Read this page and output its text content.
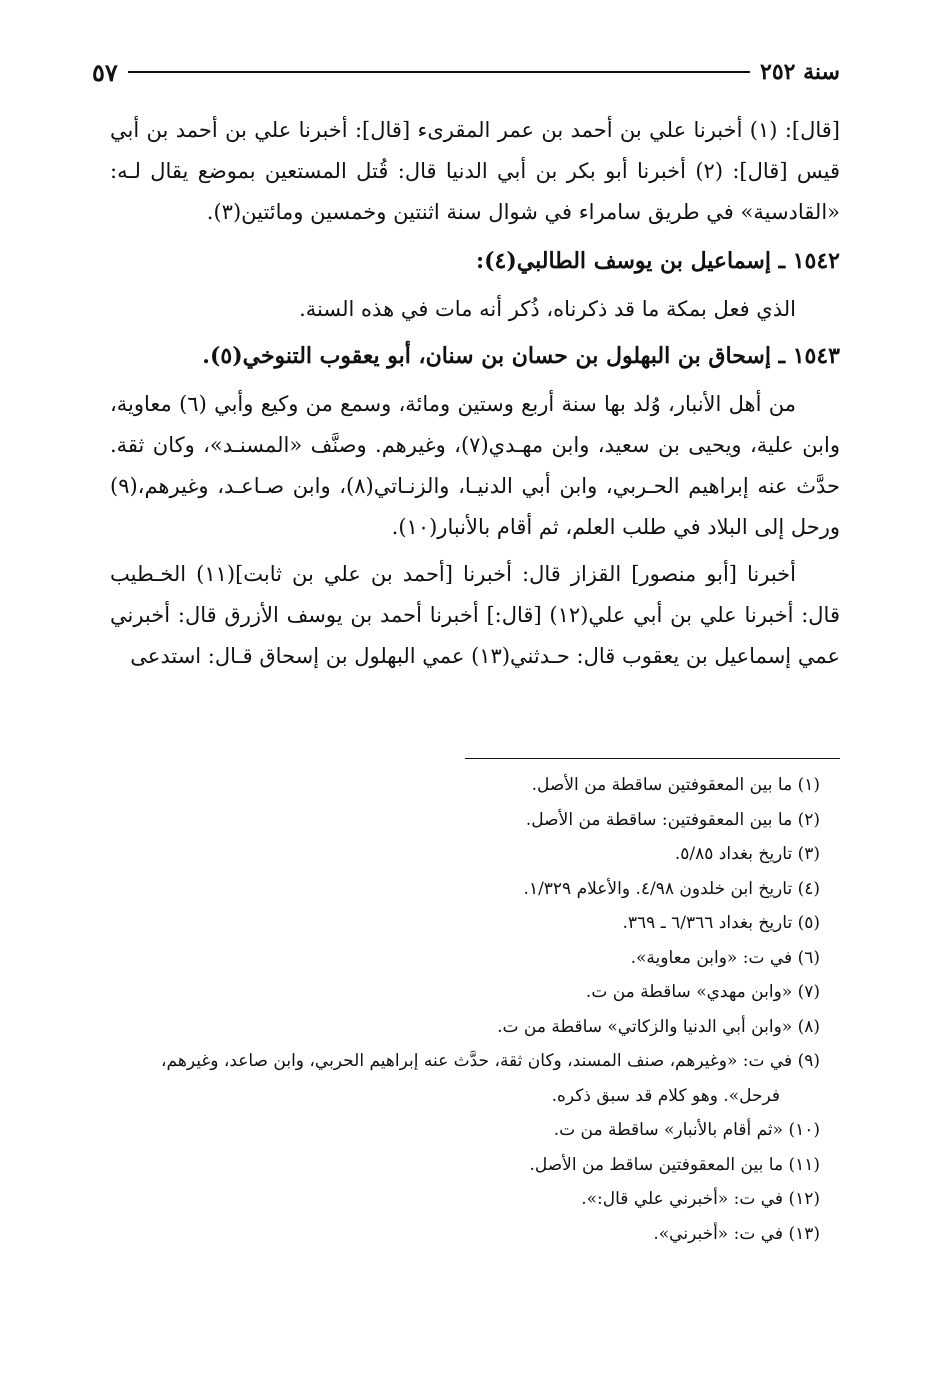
سنة ٢٥٢
٥٧

[قال]: (١) أخبرنا علي بن أحمد بن عمر المقرىء [قال]: أخبرنا علي بن أحمد بن أبي قيس [قال]: (٢) أخبرنا أبو بكر بن أبي الدنيا قال: قُتل المستعين بموضع يقال لـه: «القادسية» في طريق سامراء في شوال سنة اثنتين وخمسين ومائتين(٣).

١٥٤٢ ـ إسماعيل بن يوسف الطالبي(٤):

الذي فعل بمكة ما قد ذكرناه، ذُكر أنه مات في هذه السنة.

١٥٤٣ ـ إسحاق بن البهلول بن حسان بن سنان، أبو يعقوب التنوخي(٥).

من أهل الأنبار، وُلد بها سنة أربع وستين ومائة، وسمع من وكيع وأبي (٦) معاوية، وابن علية، ويحيى بن سعيد، وابن مهـدي(٧)، وغيرهم. وصنَّف «المسنـد»، وكان ثقة. حدَّث عنه إبراهيم الحـربي، وابن أبي الدنيـا، والزنـاتي(٨)، وابن صـاعـد، وغيرهم،(٩) ورحل إلى البلاد في طلب العلم، ثم أقام بالأنبار(١٠).

أخبرنا [أبو منصور] القزاز قال: أخبرنا [أحمد بن علي بن ثابت](١١) الخـطيب قال: أخبرنا علي بن أبي علي(١٢) [قال:] أخبرنا أحمد بن يوسف الأزرق قال: أخبرني عمي إسماعيل بن يعقوب قال: حـدثني(١٣) عمي البهلول بن إسحاق قـال: استدعى

(١) ما بين المعقوفتين ساقطة من الأصل.

(٢) ما بين المعقوفتين: ساقطة من الأصل.

(٣) تاريخ بغداد ٥/٨٥.

(٤) تاريخ ابن خلدون ٤/٩٨. والأعلام ١/٣٢٩.

(٥) تاريخ بغداد ٦/٣٦٦ ـ ٣٦٩.

(٦) في ت: «وابن معاوية».

(٧) «وابن مهدي» ساقطة من ت.

(٨) «وابن أبي الدنيا والزكاتي» ساقطة من ت.

(٩) في ت: «وغيرهم، صنف المسند، وكان ثقة، حدَّث عنه إبراهيم الحربي، وابن صاعد، وغيرهم،

فرحل». وهو كلام قد سبق ذكره.

(١٠) «ثم أقام بالأنبار» ساقطة من ت.

(١١) ما بين المعقوفتين ساقط من الأصل.

(١٢) في ت: «أخبرني علي قال:».

(١٣) في ت: «أخبرني».
